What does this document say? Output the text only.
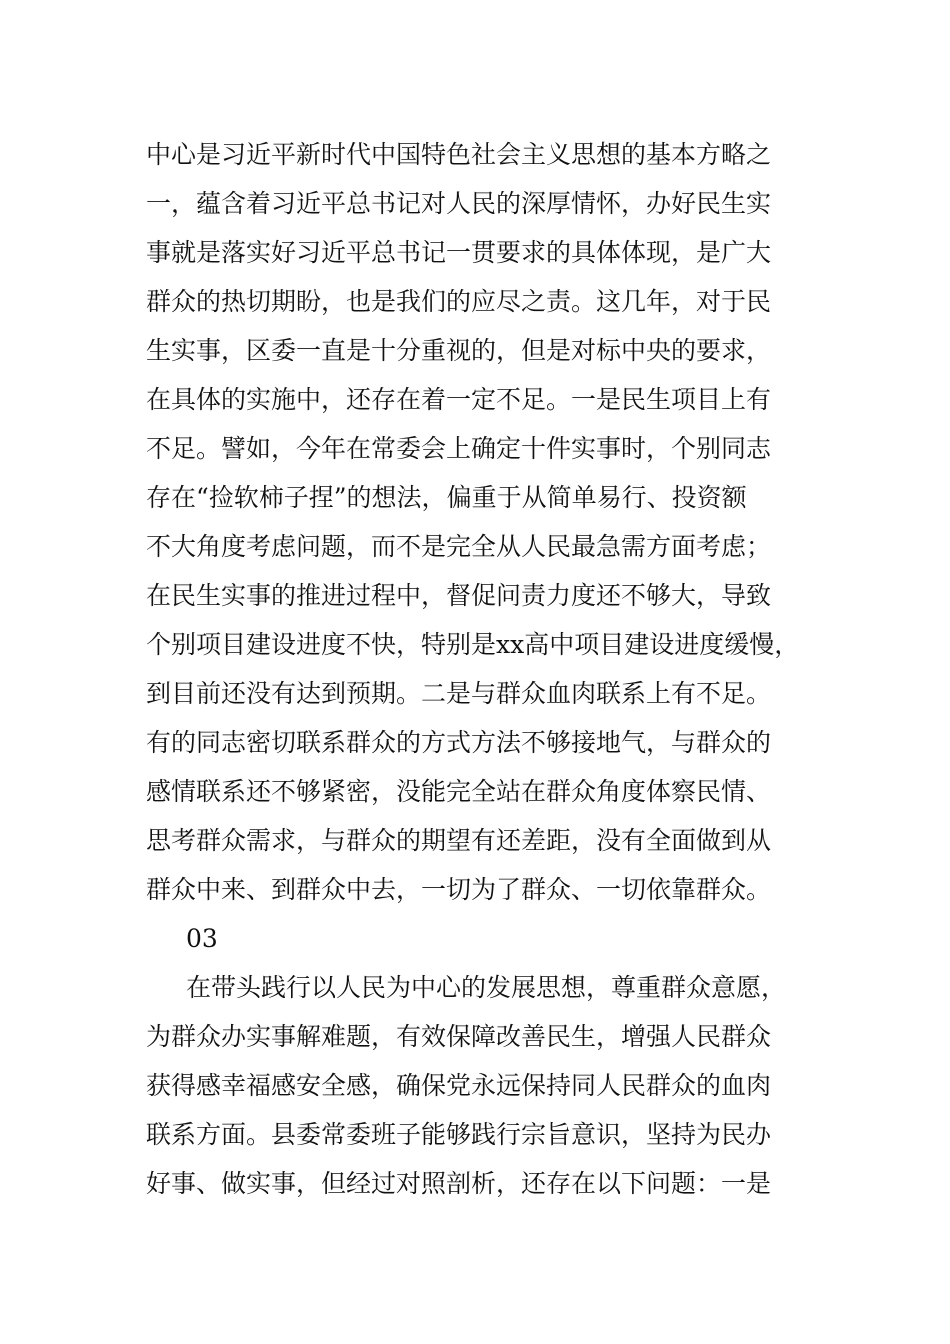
中心是习近平新时代中国特色社会主义思想的基本方略之
一，蕴含着习近平总书记对人民的深厚情怀，办好民生实
事就是落实好习近平总书记一贯要求的具体体现，是广大
群众的热切期盼，也是我们的应尽之责。这几年，对于民
生实事，区委一直是十分重视的，但是对标中央的要求，
在具体的实施中，还存在着一定不足。一是民生项目上有
不足。譬如，今年在常委会上确定十件实事时，个别同志
存在“捡软柿子捏”的想法，偏重于从简单易行、投资额
不大角度考虑问题，而不是完全从人民最急需方面考虑；
在民生实事的推进过程中，督促问责力度还不够大，导致
个别项目建设进度不快，特别是xx高中项目建设进度缓慢，
到目前还没有达到预期。二是与群众血肉联系上有不足。
有的同志密切联系群众的方式方法不够接地气，与群众的
感情联系还不够紧密，没能完全站在群众角度体察民情、
思考群众需求，与群众的期望有还差距，没有全面做到从
群众中来、到群众中去，一切为了群众、一切依靠群众。
03
在带头践行以人民为中心的发展思想，尊重群众意愿，
为群众办实事解难题，有效保障改善民生，增强人民群众
获得感幸福感安全感，确保党永远保持同人民群众的血肉
联系方面。县委常委班子能够践行宗旨意识，坚持为民办
好事、做实事，但经过对照剖析，还存在以下问题：一是
